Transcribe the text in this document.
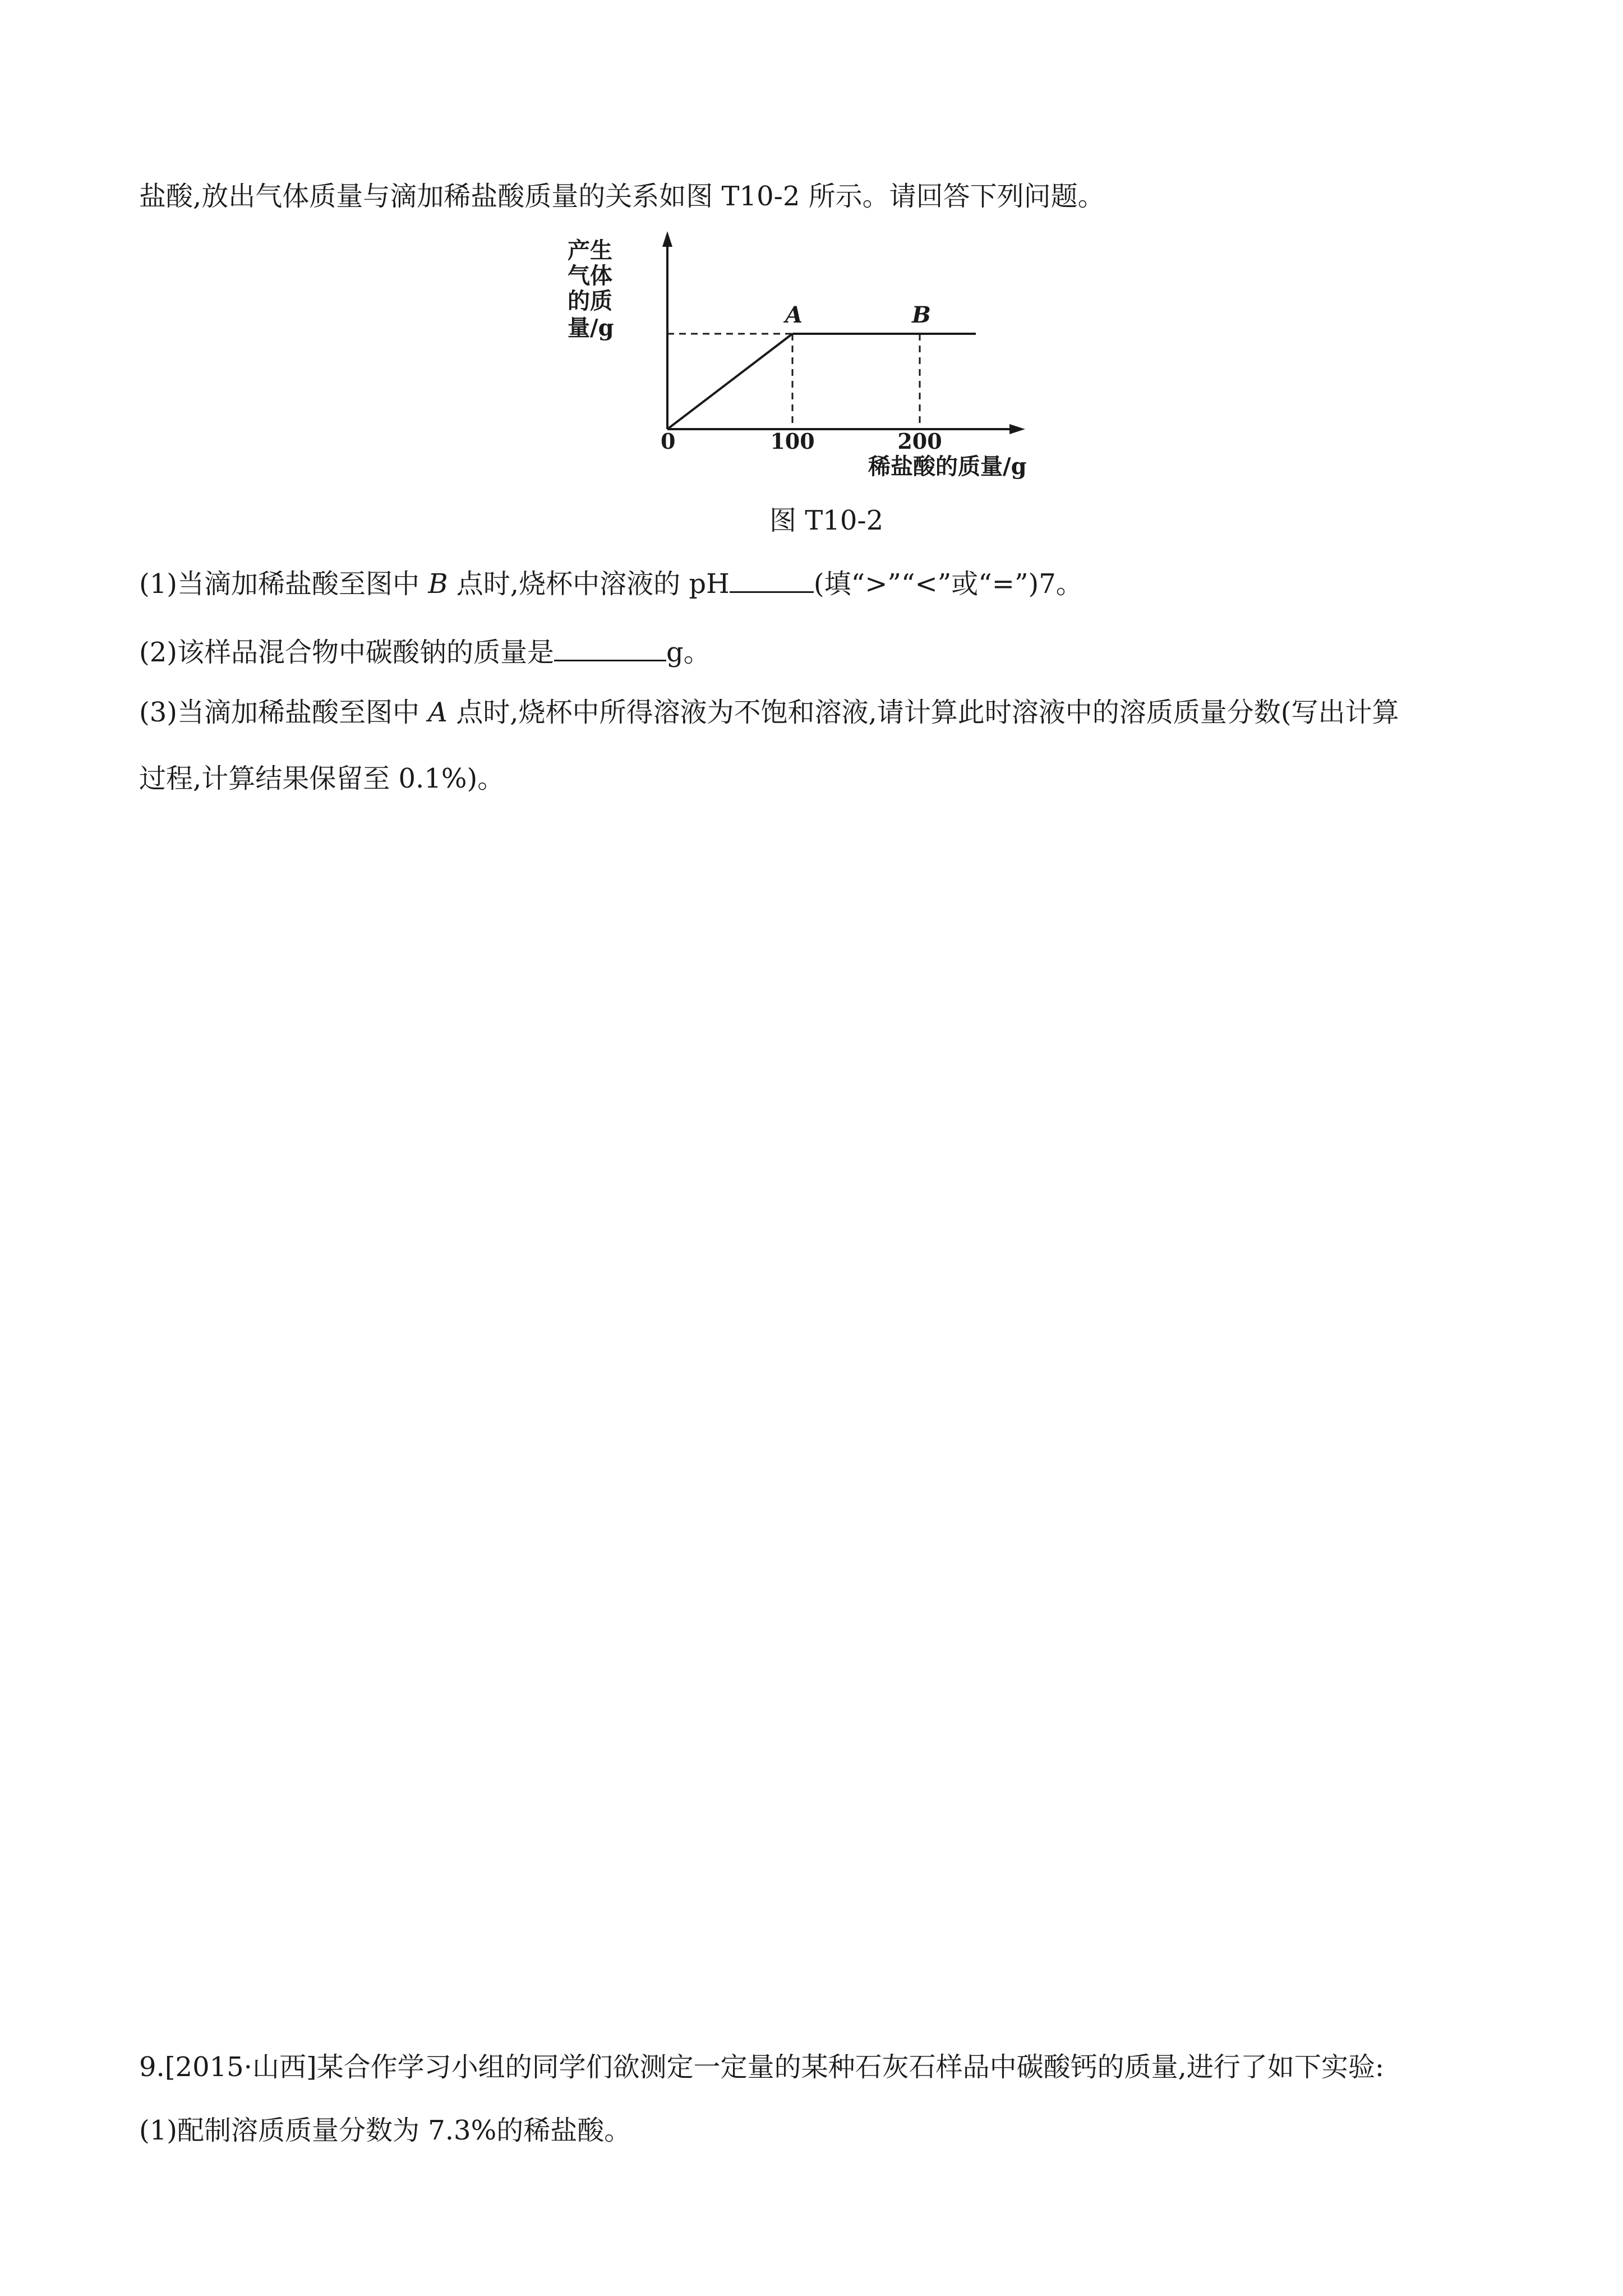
盐酸,放出气体质量与滴加稀盐酸质量的关系如图 T10-2 所示。请回答下列问题。
产生
气体
的质
量/g	A	B
0	100	200
稀盐酸的质量/g
图 T10-2
(1)当滴加稀盐酸至图中 B 点时,烧杯中溶液的 pH	(填“>”“<”或“=”)7。
(2)该样品混合物中碳酸钠的质量是	g。
(3)当滴加稀盐酸至图中 A 点时,烧杯中所得溶液为不饱和溶液,请计算此时溶液中的溶质质量分数(写出计算
过程,计算结果保留至 0.1%)。
9.[2015·山西]某合作学习小组的同学们欲测定一定量的某种石灰石样品中碳酸钙的质量,进行了如下实验:
(1)配制溶质质量分数为 7.3%的稀盐酸。
